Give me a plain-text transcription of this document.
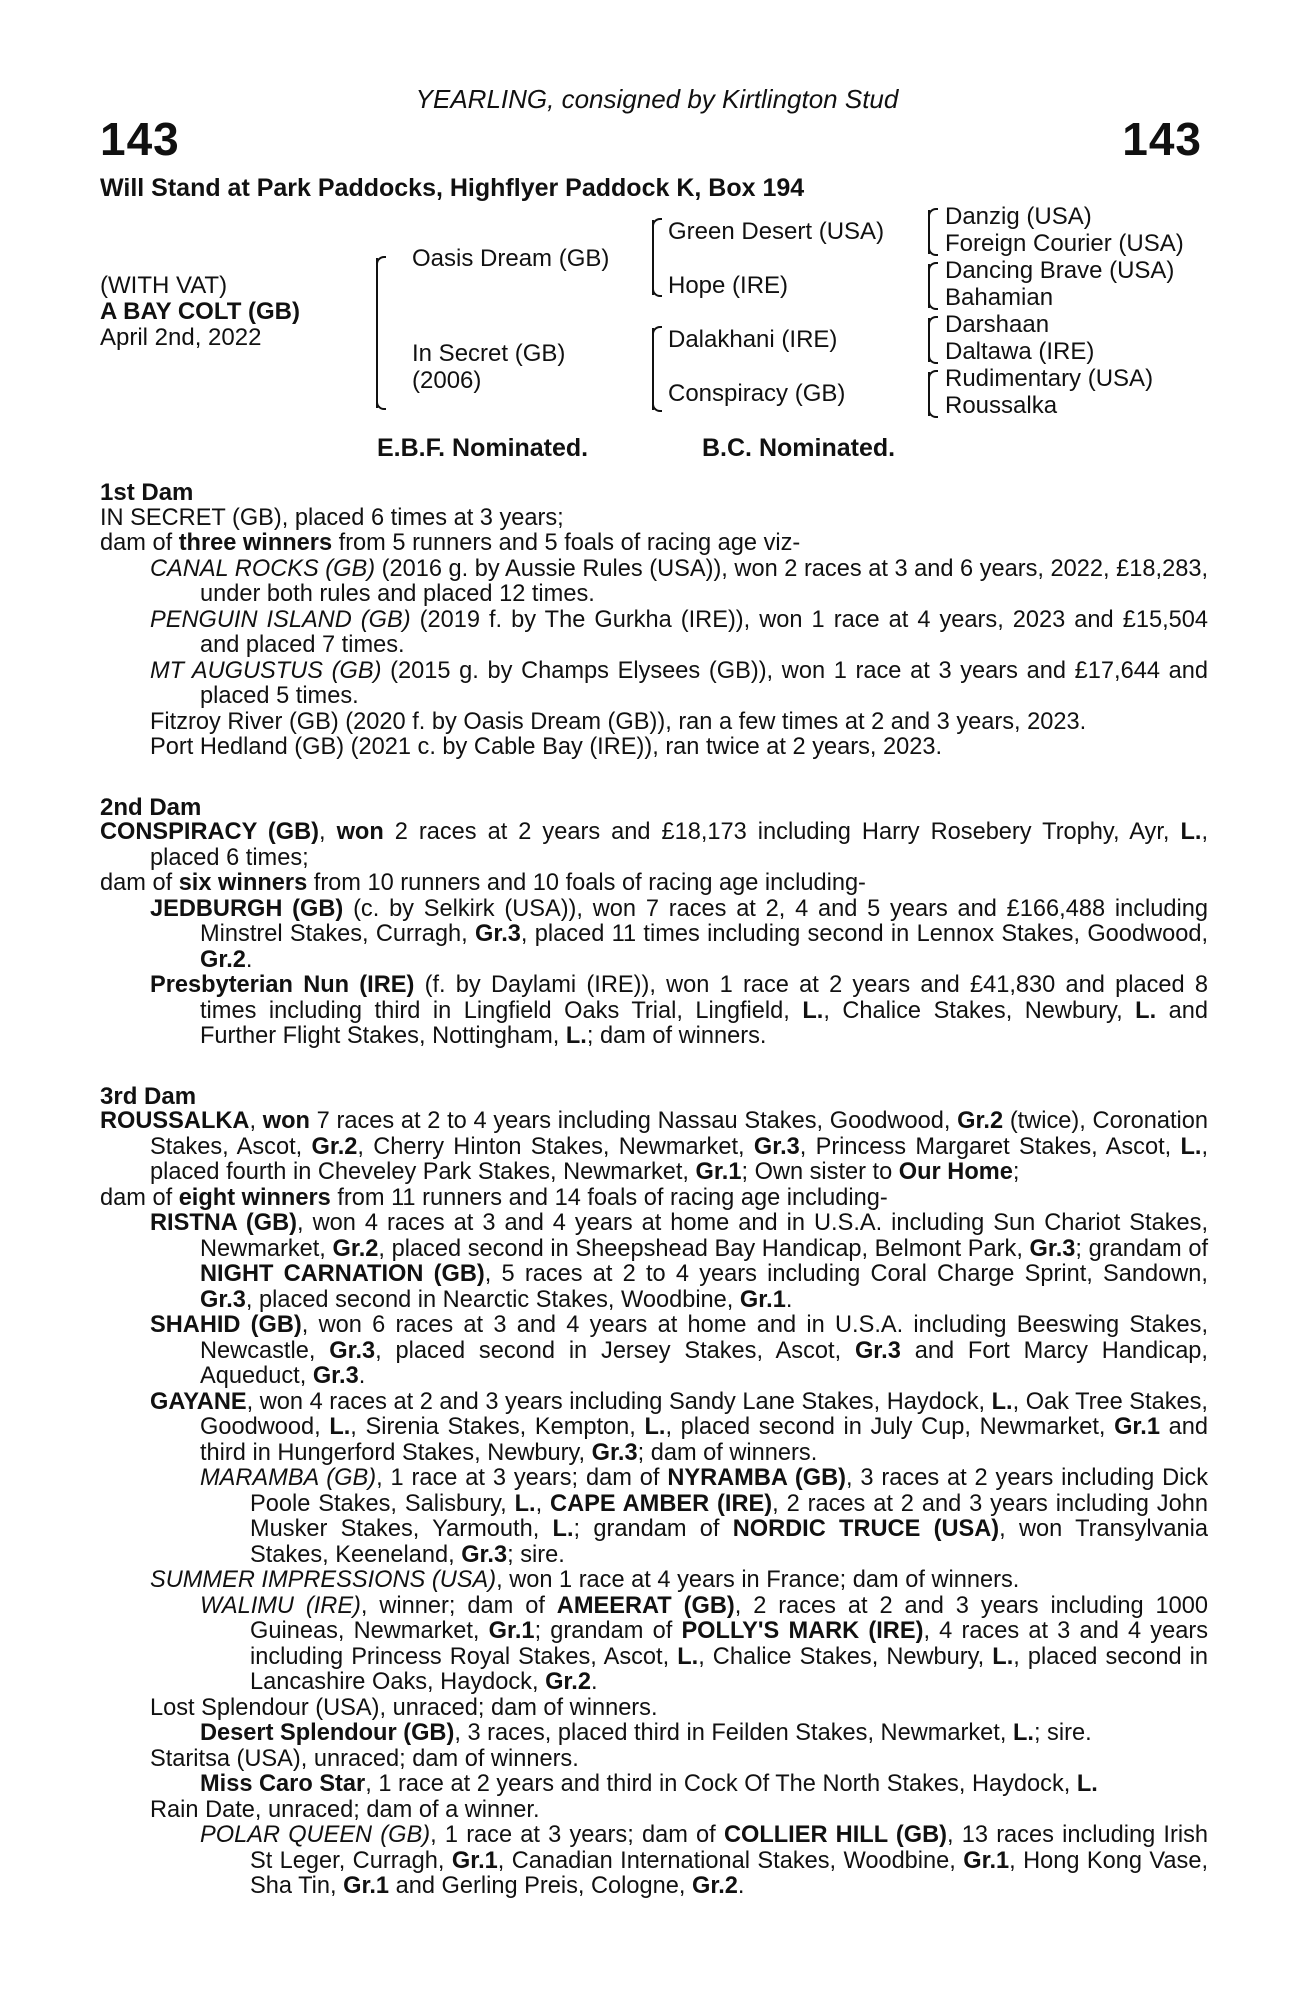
YEARLING, consigned by Kirtlington Stud
143	143
Will Stand at Park Paddocks, Highflyer Paddock K, Box 194
(WITH VAT)
A BAY COLT (GB)
April 2nd, 2022
Oasis Dream (GB)
In Secret (GB)
(2006)
Green Desert (USA)
Hope (IRE)
Dalakhani (IRE)
Conspiracy (GB)
Danzig (USA)
Foreign Courier (USA)
Dancing Brave (USA)
Bahamian
Darshaan
Daltawa (IRE)
Rudimentary (USA)
Roussalka
E.B.F. Nominated.	B.C. Nominated.
1st Dam
IN SECRET (GB), placed 6 times at 3 years;
dam of three winners from 5 runners and 5 foals of racing age viz-
CANAL ROCKS (GB) (2016 g. by Aussie Rules (USA)), won 2 races at 3 and 6 years, 2022, £18,283, under both rules and placed 12 times.
PENGUIN ISLAND (GB) (2019 f. by The Gurkha (IRE)), won 1 race at 4 years, 2023 and £15,504 and placed 7 times.
MT AUGUSTUS (GB) (2015 g. by Champs Elysees (GB)), won 1 race at 3 years and £17,644 and placed 5 times.
Fitzroy River (GB) (2020 f. by Oasis Dream (GB)), ran a few times at 2 and 3 years, 2023.
Port Hedland (GB) (2021 c. by Cable Bay (IRE)), ran twice at 2 years, 2023.
2nd Dam
CONSPIRACY (GB), won 2 races at 2 years and £18,173 including Harry Rosebery Trophy, Ayr, L., placed 6 times;
dam of six winners from 10 runners and 10 foals of racing age including-
JEDBURGH (GB) (c. by Selkirk (USA)), won 7 races at 2, 4 and 5 years and £166,488 including Minstrel Stakes, Curragh, Gr.3, placed 11 times including second in Lennox Stakes, Goodwood, Gr.2.
Presbyterian Nun (IRE) (f. by Daylami (IRE)), won 1 race at 2 years and £41,830 and placed 8 times including third in Lingfield Oaks Trial, Lingfield, L., Chalice Stakes, Newbury, L. and Further Flight Stakes, Nottingham, L.; dam of winners.
3rd Dam
ROUSSALKA, won 7 races at 2 to 4 years including Nassau Stakes, Goodwood, Gr.2 (twice), Coronation Stakes, Ascot, Gr.2, Cherry Hinton Stakes, Newmarket, Gr.3, Princess Margaret Stakes, Ascot, L., placed fourth in Cheveley Park Stakes, Newmarket, Gr.1; Own sister to Our Home;
dam of eight winners from 11 runners and 14 foals of racing age including-
RISTNA (GB), won 4 races at 3 and 4 years at home and in U.S.A. including Sun Chariot Stakes, Newmarket, Gr.2, placed second in Sheepshead Bay Handicap, Belmont Park, Gr.3; grandam of NIGHT CARNATION (GB), 5 races at 2 to 4 years including Coral Charge Sprint, Sandown, Gr.3, placed second in Nearctic Stakes, Woodbine, Gr.1.
SHAHID (GB), won 6 races at 3 and 4 years at home and in U.S.A. including Beeswing Stakes, Newcastle, Gr.3, placed second in Jersey Stakes, Ascot, Gr.3 and Fort Marcy Handicap, Aqueduct, Gr.3.
GAYANE, won 4 races at 2 and 3 years including Sandy Lane Stakes, Haydock, L., Oak Tree Stakes, Goodwood, L., Sirenia Stakes, Kempton, L., placed second in July Cup, Newmarket, Gr.1 and third in Hungerford Stakes, Newbury, Gr.3; dam of winners.
MARAMBA (GB), 1 race at 3 years; dam of NYRAMBA (GB), 3 races at 2 years including Dick Poole Stakes, Salisbury, L., CAPE AMBER (IRE), 2 races at 2 and 3 years including John Musker Stakes, Yarmouth, L.; grandam of NORDIC TRUCE (USA), won Transylvania Stakes, Keeneland, Gr.3; sire.
SUMMER IMPRESSIONS (USA), won 1 race at 4 years in France; dam of winners.
WALIMU (IRE), winner; dam of AMEERAT (GB), 2 races at 2 and 3 years including 1000 Guineas, Newmarket, Gr.1; grandam of POLLY'S MARK (IRE), 4 races at 3 and 4 years including Princess Royal Stakes, Ascot, L., Chalice Stakes, Newbury, L., placed second in Lancashire Oaks, Haydock, Gr.2.
Lost Splendour (USA), unraced; dam of winners.
Desert Splendour (GB), 3 races, placed third in Feilden Stakes, Newmarket, L.; sire.
Staritsa (USA), unraced; dam of winners.
Miss Caro Star, 1 race at 2 years and third in Cock Of The North Stakes, Haydock, L.
Rain Date, unraced; dam of a winner.
POLAR QUEEN (GB), 1 race at 3 years; dam of COLLIER HILL (GB), 13 races including Irish St Leger, Curragh, Gr.1, Canadian International Stakes, Woodbine, Gr.1, Hong Kong Vase, Sha Tin, Gr.1 and Gerling Preis, Cologne, Gr.2.
